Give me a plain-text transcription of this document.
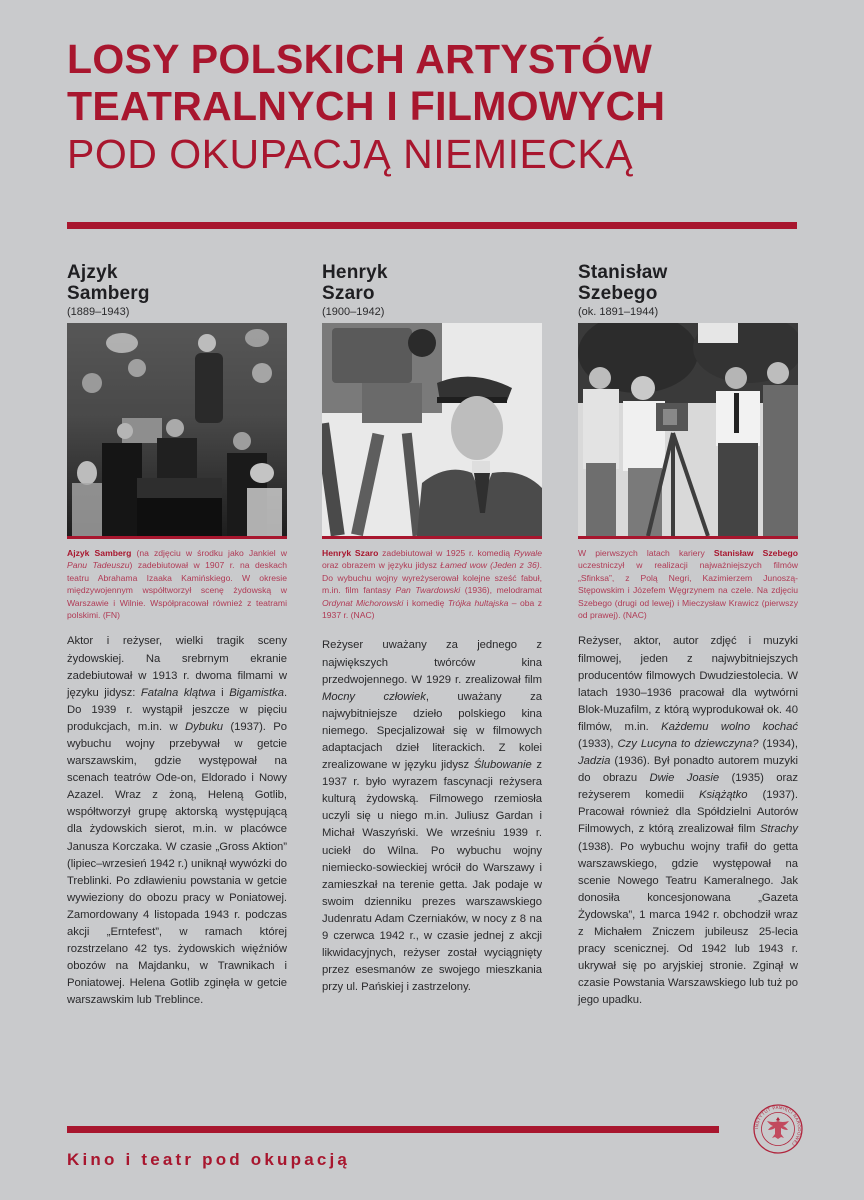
LOSY POLSKICH ARTYSTÓW
TEATRALNYCH I FILMOWYCH
POD OKUPACJĄ NIEMIECKĄ
Ajzyk
Samberg
(1889–1943)
Ajzyk Samberg (na zdjęciu w środku jako Jankiel w Panu Tadeuszu) zadebiutował w 1907 r. na deskach teatru Abrahama Izaaka Kamińskiego. W okresie międzywojennym współtworzył scenę żydowską w Warszawie i Wilnie. Współpracował również z teatrami polskimi. (FN)
Aktor i reżyser, wielki tragik sceny żydowskiej. Na srebrnym ekranie zadebiutował w 1913 r. dwoma filmami w języku jidysz: Fatalna klątwa i Bigamistka. Do 1939 r. wystąpił jeszcze w pięciu produkcjach, m.in. w Dybuku (1937). Po wybuchu wojny przebywał w getcie warszawskim, gdzie występował na scenach teatrów Ode-on, Eldorado i Nowy Azazel. Wraz z żoną, Heleną Gotlib, współtworzył grupę aktorską występującą dla żydowskich sierot, m.in. w placówce Janusza Korczaka. W czasie „Gross Aktion” (lipiec–wrzesień 1942 r.) uniknął wywózki do Treblinki. Po zdławieniu powstania w getcie wywieziony do obozu pracy w Poniatowej. Zamordowany 4 listopada 1943 r. podczas akcji „Erntefest”, w ramach której rozstrzelano 42 tys. żydowskich więźniów obozów na Majdanku, w Trawnikach i Poniatowej. Helena Gotlib zginęła w getcie warszawskim lub Treblince.
Henryk
Szaro
(1900–1942)
Henryk Szaro zadebiutował w 1925 r. komedią Rywale oraz obrazem w języku jidysz Łamed wow (Jeden z 36). Do wybuchu wojny wyreżyserował kolejne sześć fabuł, m.in. film fantasy Pan Twardowski (1936), melodramat Ordynat Michorowski i komedię Trójka hultajska – oba z 1937 r. (NAC)
Reżyser uważany za jednego z największych twórców kina przedwojennego. W 1929 r. zrealizował film Mocny człowiek, uważany za najwybitniejsze dzieło polskiego kina niemego. Specjalizował się w filmowych adaptacjach dzieł literackich. Z kolei zrealizowane w języku jidysz Ślubowanie z 1937 r. było wyrazem fascynacji reżysera kulturą żydowską. Filmowego rzemiosła uczyli się u niego m.in. Juliusz Gardan i Michał Waszyński. We wrześniu 1939 r. uciekł do Wilna. Po wybuchu wojny niemiecko-sowieckiej wrócił do Warszawy i zamieszkał na terenie getta. Jak podaje w swoim dzienniku prezes warszawskiego Judenratu Adam Czerniaków, w nocy z 8 na 9 czerwca 1942 r., w czasie jednej z akcji likwidacyjnych, reżyser został wyciągnięty przez esesmanów ze swojego mieszkania przy ul. Pańskiej i zastrzelony.
Stanisław
Szebego
(ok. 1891–1944)
W pierwszych latach kariery Stanisław Szebego uczestniczył w realizacji najważniejszych filmów „Sfinksa”, z Polą Negri, Kazimierzem Junoszą-Stępowskim i Józefem Węgrzynem na czele. Na zdjęciu Szebego (drugi od lewej) i Mieczysław Krawicz (pierwszy od prawej). (NAC)
Reżyser, aktor, autor zdjęć i muzyki filmowej, jeden z najwybitniejszych producentów filmowych Dwudziestolecia. W latach 1930–1936 pracował dla wytwórni Blok-Muzafilm, z którą wyprodukował ok. 40 filmów, m.in. Każdemu wolno kochać (1933), Czy Lucyna to dziewczyna? (1934), Jadzia (1936). Był ponadto autorem muzyki do obrazu Dwie Joasie (1935) oraz reżyserem komedii Książątko (1937). Pracował również dla Spółdzielni Autorów Filmowych, z którą zrealizował film Strachy (1938). Po wybuchu wojny trafił do getta warszawskiego, gdzie występował na scenie Nowego Teatru Kameralnego. Jak donosiła koncesjonowana „Gazeta Żydowska”, 1 marca 1942 r. obchodził wraz z Michałem Zniczem jubileusz 25-lecia pracy scenicznej. Od 1942 lub 1943 r. ukrywał się po aryjskiej stronie. Zginął w czasie Powstania Warszawskiego lub tuż po jego upadku.
Kino i teatr pod okupacją
INSTYTUT PAMIĘCI NARODOWEJ
